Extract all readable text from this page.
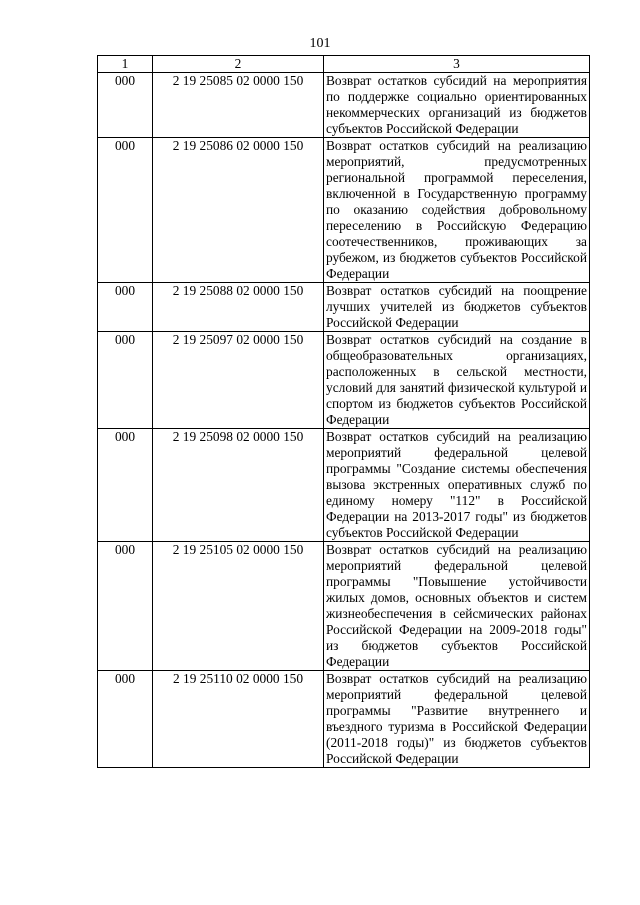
101
1	2	3
000	2 19 25085 02 0000 150	Возврат остатков субсидий на мероприятия по поддержке социально ориентированных некоммерческих организаций из бюджетов субъектов Российской Федерации
000	2 19 25086 02 0000 150	Возврат остатков субсидий на реализацию мероприятий, предусмотренных региональной программой переселения, включенной в Государственную программу по оказанию содействия добровольному переселению в Российскую Федерацию соотечественников, проживающих за рубежом, из бюджетов субъектов Российской Федерации
000	2 19 25088 02 0000 150	Возврат остатков субсидий на поощрение лучших учителей из бюджетов субъектов Российской Федерации
000	2 19 25097 02 0000 150	Возврат остатков субсидий на создание в общеобразовательных организациях, расположенных в сельской местности, условий для занятий физической культурой и спортом из бюджетов субъектов Российской Федерации
000	2 19 25098 02 0000 150	Возврат остатков субсидий на реализацию мероприятий федеральной целевой программы "Создание системы обеспечения вызова экстренных оперативных служб по единому номеру "112" в Российской Федерации на 2013-2017 годы" из бюджетов субъектов Российской Федерации
000	2 19 25105 02 0000 150	Возврат остатков субсидий на реализацию мероприятий федеральной целевой программы "Повышение устойчивости жилых домов, основных объектов и систем жизнеобеспечения в сейсмических районах Российской Федерации на 2009-2018 годы" из бюджетов субъектов Российской Федерации
000	2 19 25110 02 0000 150	Возврат остатков субсидий на реализацию мероприятий федеральной целевой программы "Развитие внутреннего и въездного туризма в Российской Федерации (2011-2018 годы)" из бюджетов субъектов Российской Федерации
